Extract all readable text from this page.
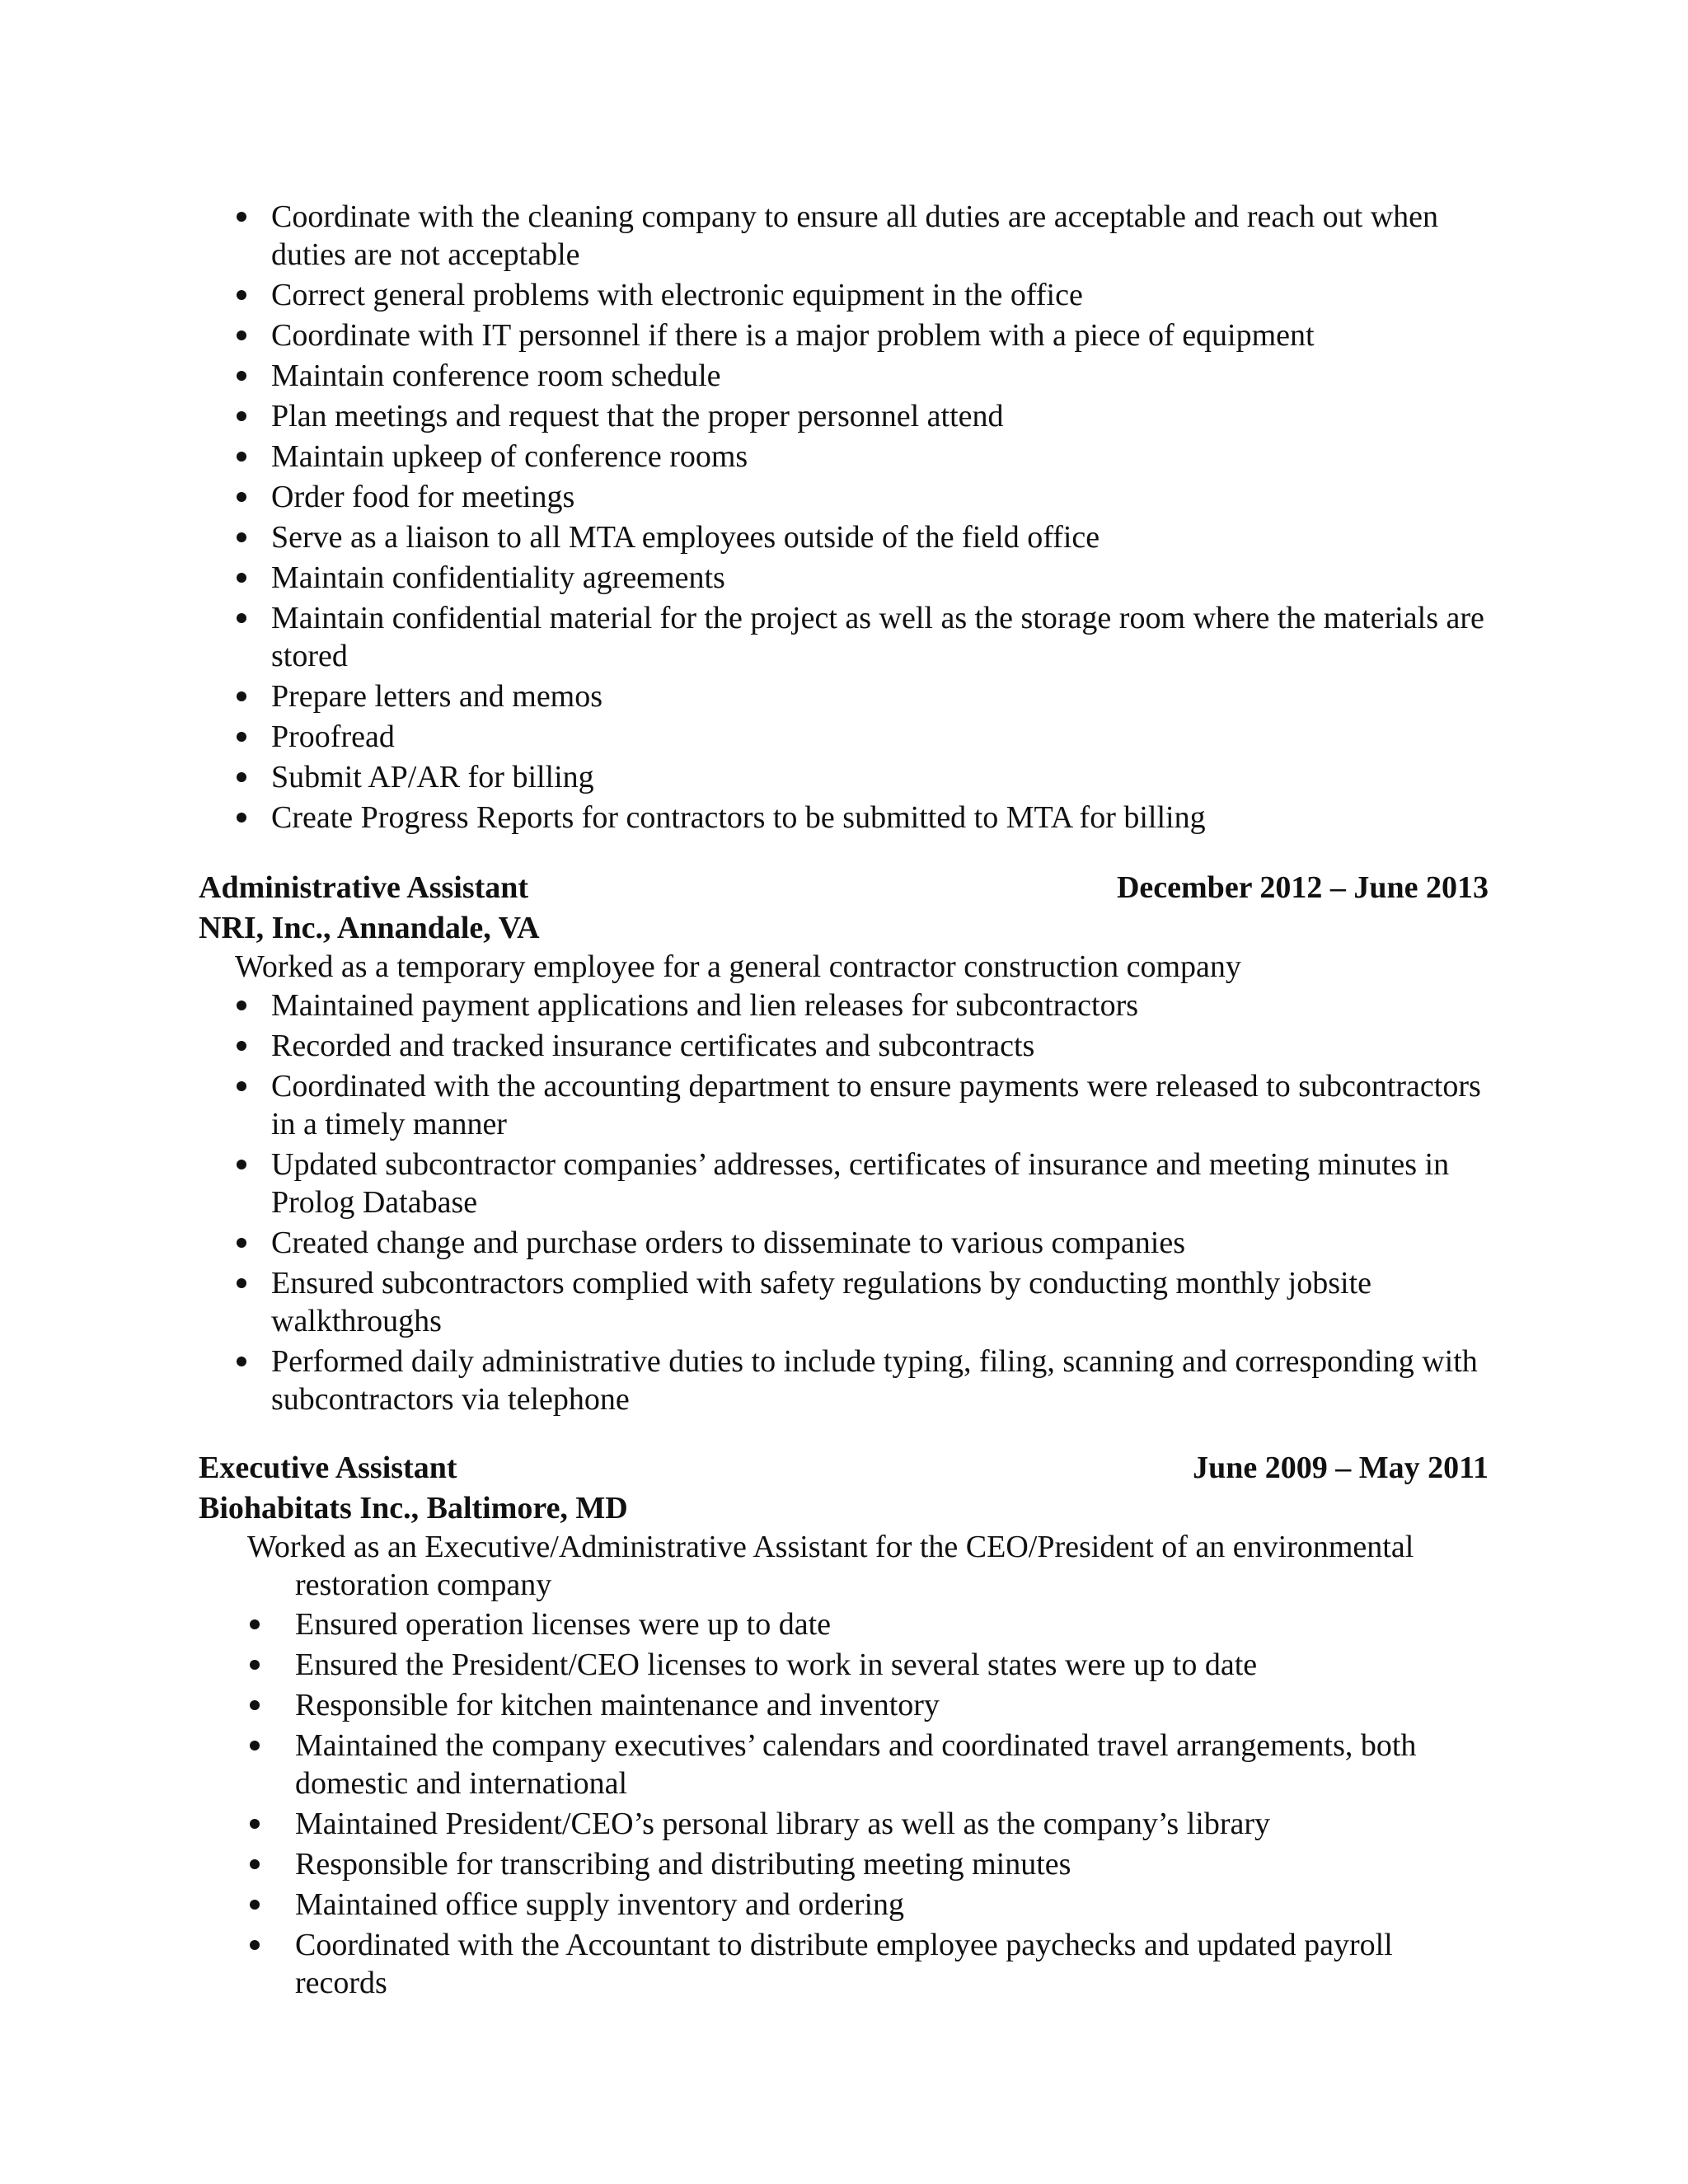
Coordinate with the cleaning company to ensure all duties are acceptable and reach out when duties are not acceptable
Correct general problems with electronic equipment in the office
Coordinate with IT personnel if there is a major problem with a piece of equipment
Maintain conference room schedule
Plan meetings and request that the proper personnel attend
Maintain upkeep of conference rooms
Order food for meetings
Serve as a liaison to all MTA employees outside of the field office
Maintain confidentiality agreements
Maintain confidential material for the project as well as the storage room where the materials are stored
Prepare letters and memos
Proofread
Submit AP/AR for billing
Create Progress Reports for contractors to be submitted to MTA for billing
Administrative Assistant	December 2012 – June 2013
NRI, Inc., Annandale, VA
Worked as a temporary employee for a general contractor construction company
Maintained payment applications and lien releases for subcontractors
Recorded and tracked insurance certificates and subcontracts
Coordinated with the accounting department to ensure payments were released to subcontractors in a timely manner
Updated subcontractor companies’ addresses, certificates of insurance and meeting minutes in Prolog Database
Created change and purchase orders to disseminate to various companies
Ensured subcontractors complied with safety regulations by conducting monthly jobsite walkthroughs
Performed daily administrative duties to include typing, filing, scanning and corresponding with subcontractors via telephone
Executive Assistant	June 2009 – May 2011
Biohabitats Inc., Baltimore, MD
Worked as an Executive/Administrative Assistant for the CEO/President of an environmental
restoration company
Ensured operation licenses were up to date
Ensured the President/CEO licenses to work in several states were up to date
Responsible for kitchen maintenance and inventory
Maintained the company executives’ calendars and coordinated travel arrangements, both domestic and international
Maintained President/CEO’s personal library as well as the company’s library
Responsible for transcribing and distributing meeting minutes
Maintained office supply inventory and ordering
Coordinated with the Accountant to distribute employee paychecks and updated payroll records
